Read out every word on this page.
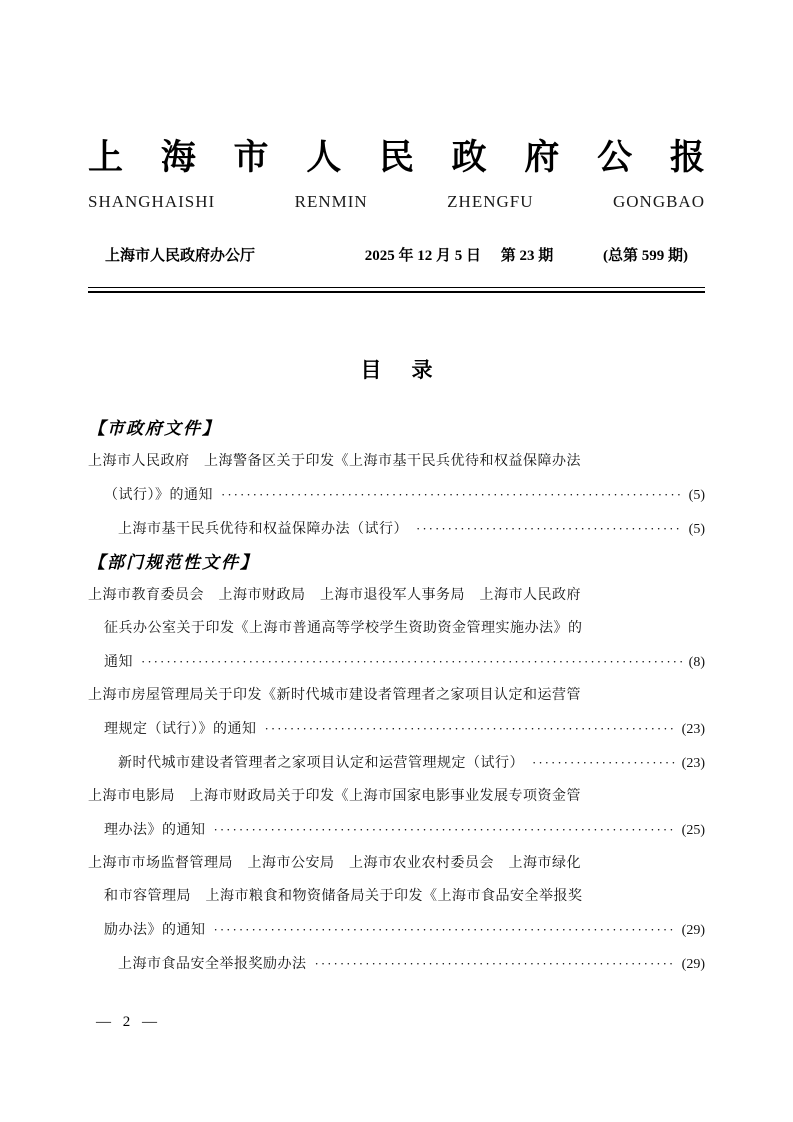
上 海 市 人 民 政 府 公 报
SHANGHAISHI	RENMIN	ZHENGFU	GONGBAO
上海市人民政府办公厅	2025 年 12 月 5 日 第 23 期	(总第 599 期)
目 录
【市政府文件】
上海市人民政府　上海警备区关于印发《上海市基干民兵优待和权益保障办法
（试行）》的通知 ·····	(5)
上海市基干民兵优待和权益保障办法（试行） ·····	(5)
【部门规范性文件】
上海市教育委员会　上海市财政局　上海市退役军人事务局　上海市人民政府
征兵办公室关于印发《上海市普通高等学校学生资助资金管理实施办法》的
通知 ·····	(8)
上海市房屋管理局关于印发《新时代城市建设者管理者之家项目认定和运营管
理规定（试行）》的通知 ·····	(23)
新时代城市建设者管理者之家项目认定和运营管理规定（试行） ·····	(23)
上海市电影局　上海市财政局关于印发《上海市国家电影事业发展专项资金管
理办法》的通知 ·····	(25)
上海市市场监督管理局　上海市公安局　上海市农业农村委员会　上海市绿化
和市容管理局　上海市粮食和物资储备局关于印发《上海市食品安全举报奖
励办法》的通知 ·····	(29)
上海市食品安全举报奖励办法 ·····	(29)
— 2 —
